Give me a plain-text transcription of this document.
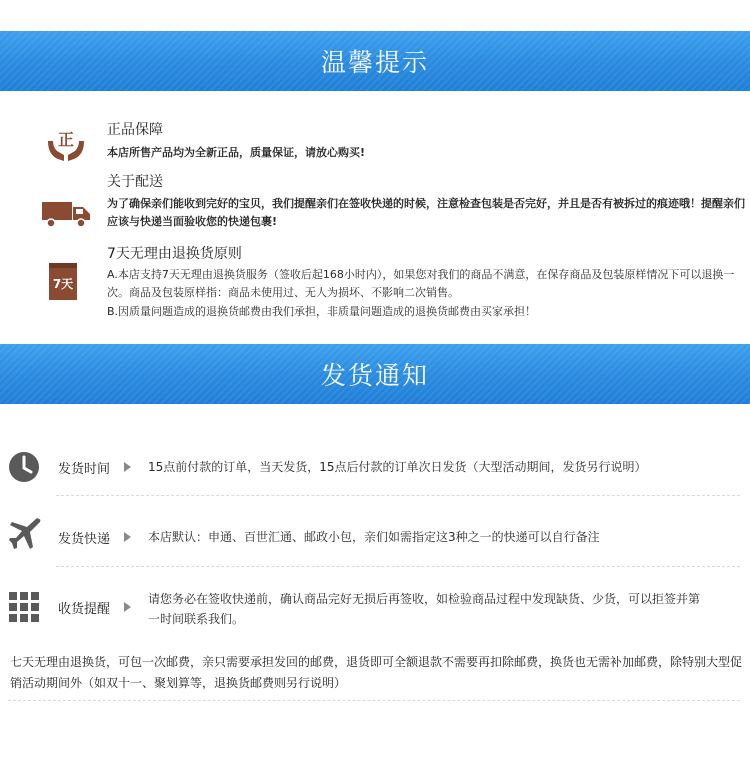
温馨提示
正 正品保障
本店所售产品均为全新正品，质量保证，请放心购买!
关于配送
为了确保亲们能收到完好的宝贝，我们提醒亲们在签收快递的时候，注意检查包装是否完好，并且是否有被拆过的痕迹哦！提醒亲们应该与快递当面验收您的快递包裹!
7天
7天无理由退换货原则
A.本店支持7天无理由退换货服务（签收后起168小时内），如果您对我们的商品不满意，在保存商品及包装原样情况下可以退换一次。商品及包装原样指：商品未使用过、无人为损坏、不影响二次销售。
B.因质量问题造成的退换货邮费由我们承担，非质量问题造成的退换货邮费由买家承担！
发货通知
发货时间	15点前付款的订单，当天发货，15点后付款的订单次日发货（大型活动期间，发货另行说明）
发货快递	本店默认：申通、百世汇通、邮政小包，亲们如需指定这3种之一的快递可以自行备注
收货提醒
请您务必在签收快递前，确认商品完好无损后再签收，如检验商品过程中发现缺货、少货，可以拒签并第一时间联系我们。
七天无理由退换货，可包一次邮费，亲只需要承担发回的邮费，退货即可全额退款不需要再扣除邮费，换货也无需补加邮费，除特别大型促销活动期间外（如双十一、聚划算等，退换货邮费则另行说明）
